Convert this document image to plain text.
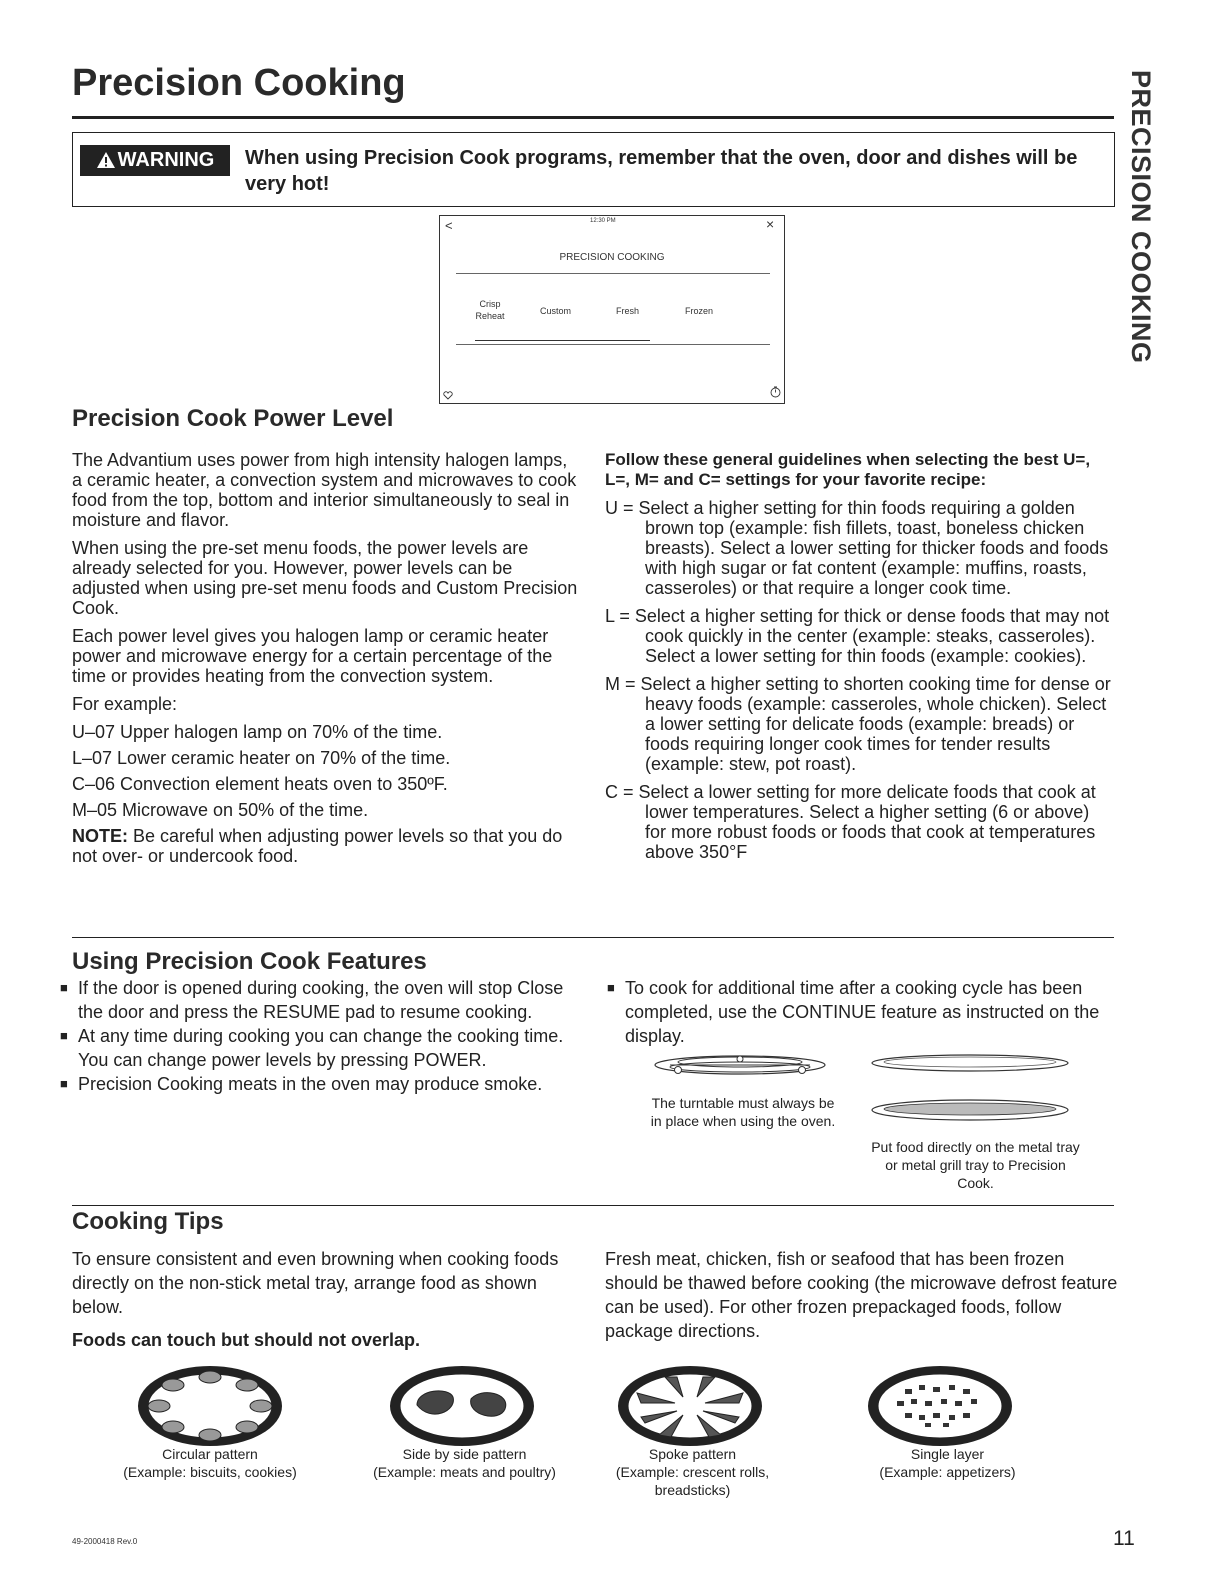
Precision Cooking	PRECISION COOKING
WARNING	When using Precision Cook programs, remember that the oven, door and dishes will be very hot!
<	12:30 PM	×
PRECISION COOKING
Crisp
Reheat	Custom	Fresh	Frozen
Precision Cook Power Level

The Advantium uses power from high intensity halogen lamps, a ceramic heater, a convection system and microwaves to cook food from the top, bottom and interior simultaneously to seal in moisture and flavor.

When using the pre-set menu foods, the power levels are already selected for you. However, power levels can be adjusted when using pre-set menu foods and Custom Precision Cook.

Each power level gives you halogen lamp or ceramic heater power and microwave energy for a certain percentage of the time or provides heating from the convection system.

For example:

U–07 Upper halogen lamp on 70% of the time.

L–07 Lower ceramic heater on 70% of the time.

C–06 Convection element heats oven to 350ºF.

M–05 Microwave on 50% of the time.

NOTE: Be careful when adjusting power levels so that you do not over- or undercook food.

Follow these general guidelines when selecting the best U=, L=, M= and C= settings for your favorite recipe:

U = Select a higher setting for thin foods requiring a golden brown top (example: fish fillets, toast, boneless chicken breasts). Select a lower setting for thicker foods and foods with high sugar or fat content (example: muffins, roasts, casseroles) or that require a longer cook time.

L = Select a higher setting for thick or dense foods that may not cook quickly in the center (example: steaks, casseroles). Select a lower setting for thin foods (example: cookies).

M = Select a higher setting to shorten cooking time for dense or heavy foods (example: casseroles, whole chicken). Select a lower setting for delicate foods (example: breads) or foods requiring longer cook times for tender results (example: stew, pot roast).

C = Select a lower setting for more delicate foods that cook at lower temperatures. Select a higher setting (6 or above) for more robust foods or foods that cook at temperatures above 350°F

Using Precision Cook Features
■ If the door is opened during cooking, the oven will stop Close the door and press the RESUME pad to resume cooking.
■ At any time during cooking you can change the cooking time. You can change power levels by pressing POWER.
■ Precision Cooking meats in the oven may produce smoke.
■ To cook for additional time after a cooking cycle has been completed, use the CONTINUE feature as instructed on the display.
The turntable must always be in place when using the oven.
Put food directly on the metal tray or metal grill tray to Precision Cook.
Cooking Tips
To ensure consistent and even browning when cooking foods directly on the non-stick metal tray, arrange food as shown below.
Foods can touch but should not overlap.
Fresh meat, chicken, fish or seafood that has been frozen should be thawed before cooking (the microwave defrost feature can be used). For other frozen prepackaged foods, follow package directions.
Circular pattern
(Example: biscuits, cookies)
Side by side pattern
(Example: meats and poultry)
Spoke pattern
(Example: crescent rolls, breadsticks)
Single layer
(Example: appetizers)
49-2000418 Rev.0	11
